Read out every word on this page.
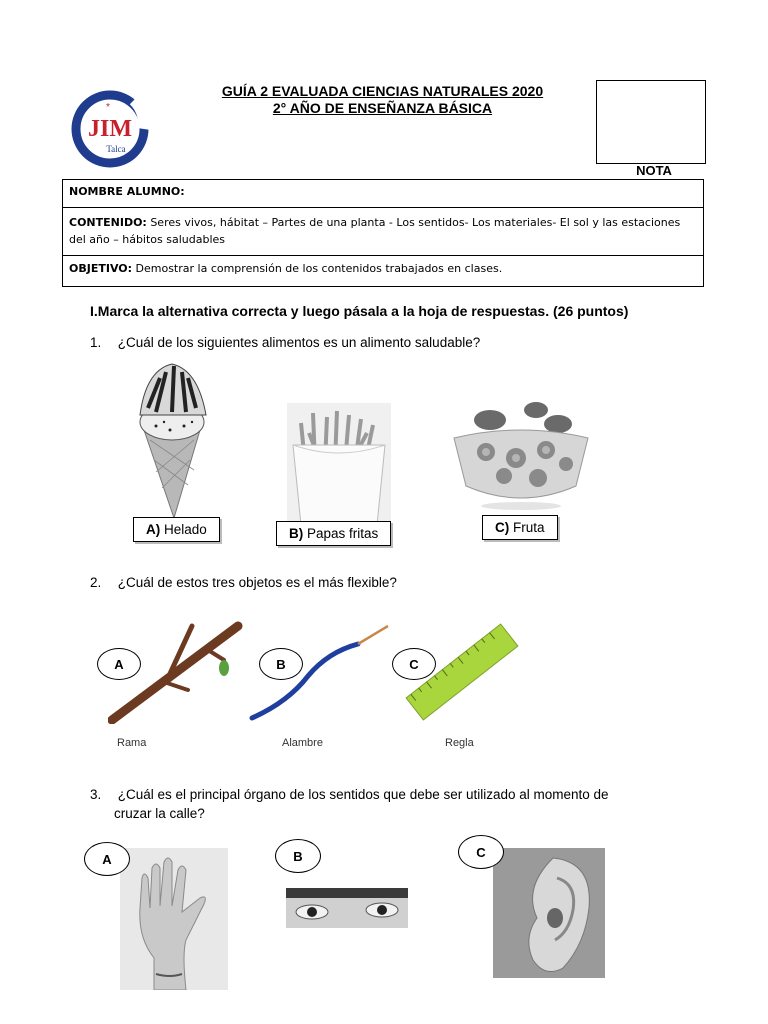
JIM
Talca
*
GUÍA 2 EVALUADA CIENCIAS NATURALES 2020
2° AÑO DE ENSEÑANZA BÁSICA
NOTA
NOMBRE ALUMNO:
CONTENIDO: Seres vivos, hábitat – Partes de una planta - Los sentidos- Los materiales- El sol y las estaciones del año – hábitos saludables
OBJETIVO: Demostrar la comprensión de los contenidos trabajados en clases.
I.Marca la alternativa correcta y luego pásala a la hoja de respuestas. (26 puntos)
1. ¿Cuál de los siguientes alimentos es un alimento saludable?
A) Helado	B) Papas fritas	C) Fruta
2. ¿Cuál de estos tres objetos es el más flexible?
A	B	C
Rama	Alambre	Regla
3. ¿Cuál es el principal órgano de los sentidos que debe ser utilizado al momento de
cruzar la calle?
A	B	C
